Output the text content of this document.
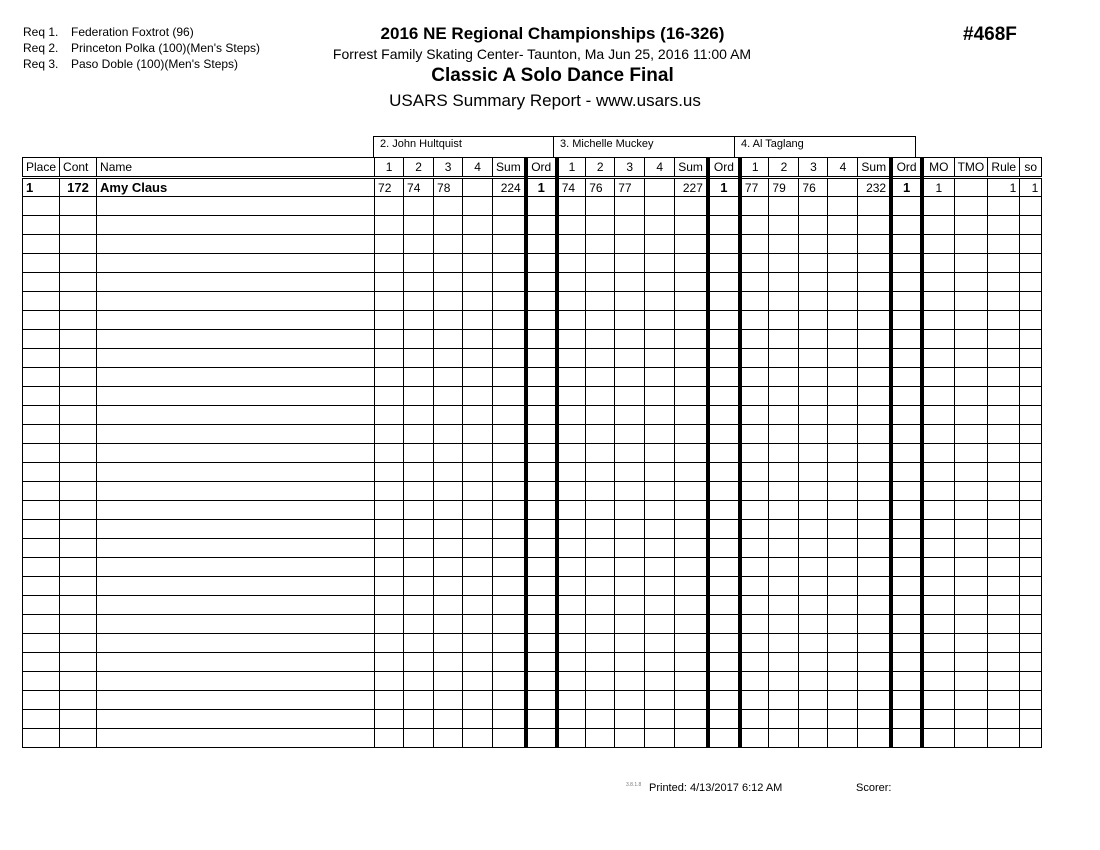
Req 1. Federation Foxtrot (96)
Req 2. Princeton Polka (100)(Men's Steps)
Req 3. Paso Doble (100)(Men's Steps)
2016 NE Regional Championships (16-326)
Forrest Family Skating Center- Taunton, Ma Jun 25, 2016 11:00 AM
Classic A Solo Dance Final
USARS Summary Report - www.usars.us
#468F
2. John Hultquist	3. Michelle Muckey	4. Al Taglang
Place	Cont	Name	1	2	3	4	Sum	Ord	1	2	3	4	Sum	Ord	1	2	3	4	Sum	Ord	MO	TMO	Rule	so
1	172	Amy Claus	72	74	78		224	1	74	76	77		227	1	77	79	76		232	1	1		1	1

3.8.1.8 Printed: 4/13/2017 6:12 AM	Scorer:
